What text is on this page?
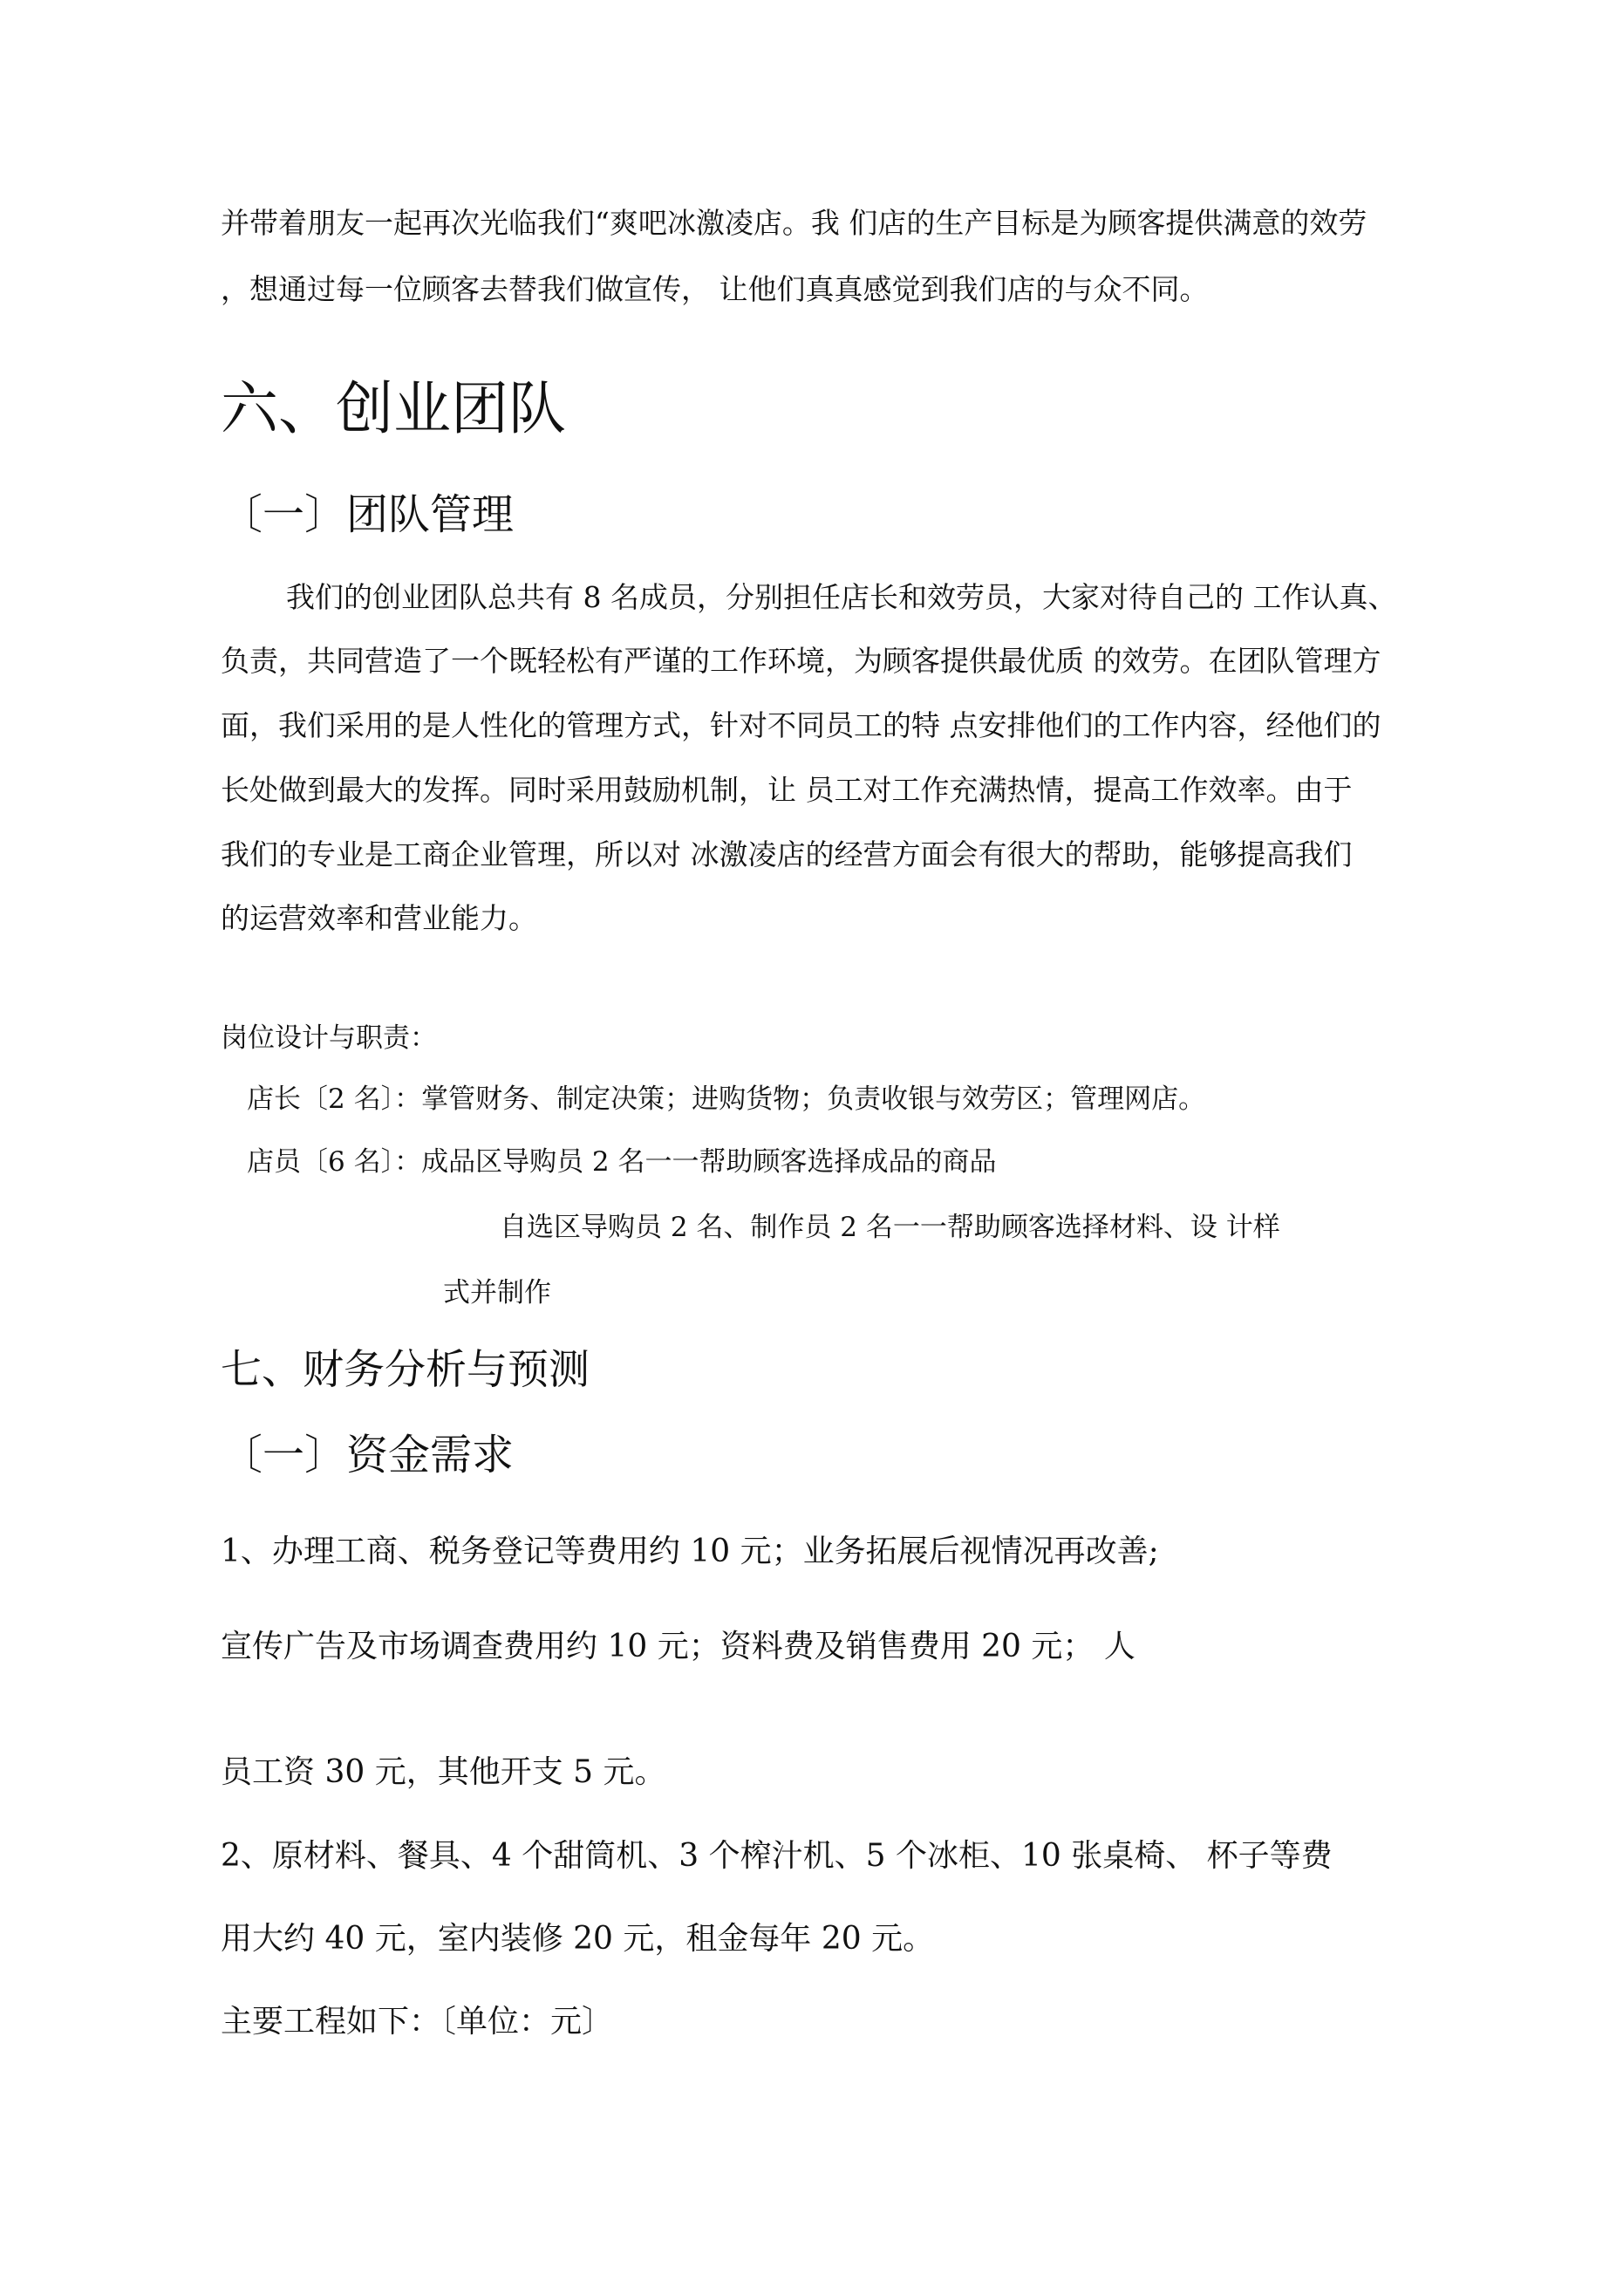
并带着朋友一起再次光临我们“爽吧冰激凌店。我 们店的生产目标是为顾客提供满意的效劳
，想通过每一位顾客去替我们做宣传， 让他们真真感觉到我们店的与众不同。
六、创业团队
〔一〕团队管理
我们的创业团队总共有 8 名成员，分别担任店长和效劳员，大家对待自己的 工作认真、
负责，共同营造了一个既轻松有严谨的工作环境，为顾客提供最优质 的效劳。在团队管理方
面，我们采用的是人性化的管理方式，针对不同员工的特 点安排他们的工作内容，经他们的
长处做到最大的发挥。同时采用鼓励机制，让 员工对工作充满热情，提高工作效率。由于
我们的专业是工商企业管理，所以对 冰激凌店的经营方面会有很大的帮助，能够提高我们
的运营效率和营业能力。
岗位设计与职责：
店长〔2 名〕：掌管财务、制定决策；进购货物；负责收银与效劳区；管理网店。
店员〔6 名〕：成品区导购员 2 名一一帮助顾客选择成品的商品
自选区导购员 2 名、制作员 2 名一一帮助顾客选择材料、设 计样
式并制作
七、财务分析与预测
〔一〕资金需求
1、办理工商、税务登记等费用约 10 元；业务拓展后视情况再改善;
宣传广告及市场调查费用约 10 元；资料费及销售费用 20 元； 人
员工资 30 元，其他开支 5 元。
2、原材料、餐具、4 个甜筒机、3 个榨汁机、5 个冰柜、10 张桌椅、 杯子等费
用大约 40 元，室内装修 20 元，租金每年 20 元。
主要工程如下：〔单位：元〕
